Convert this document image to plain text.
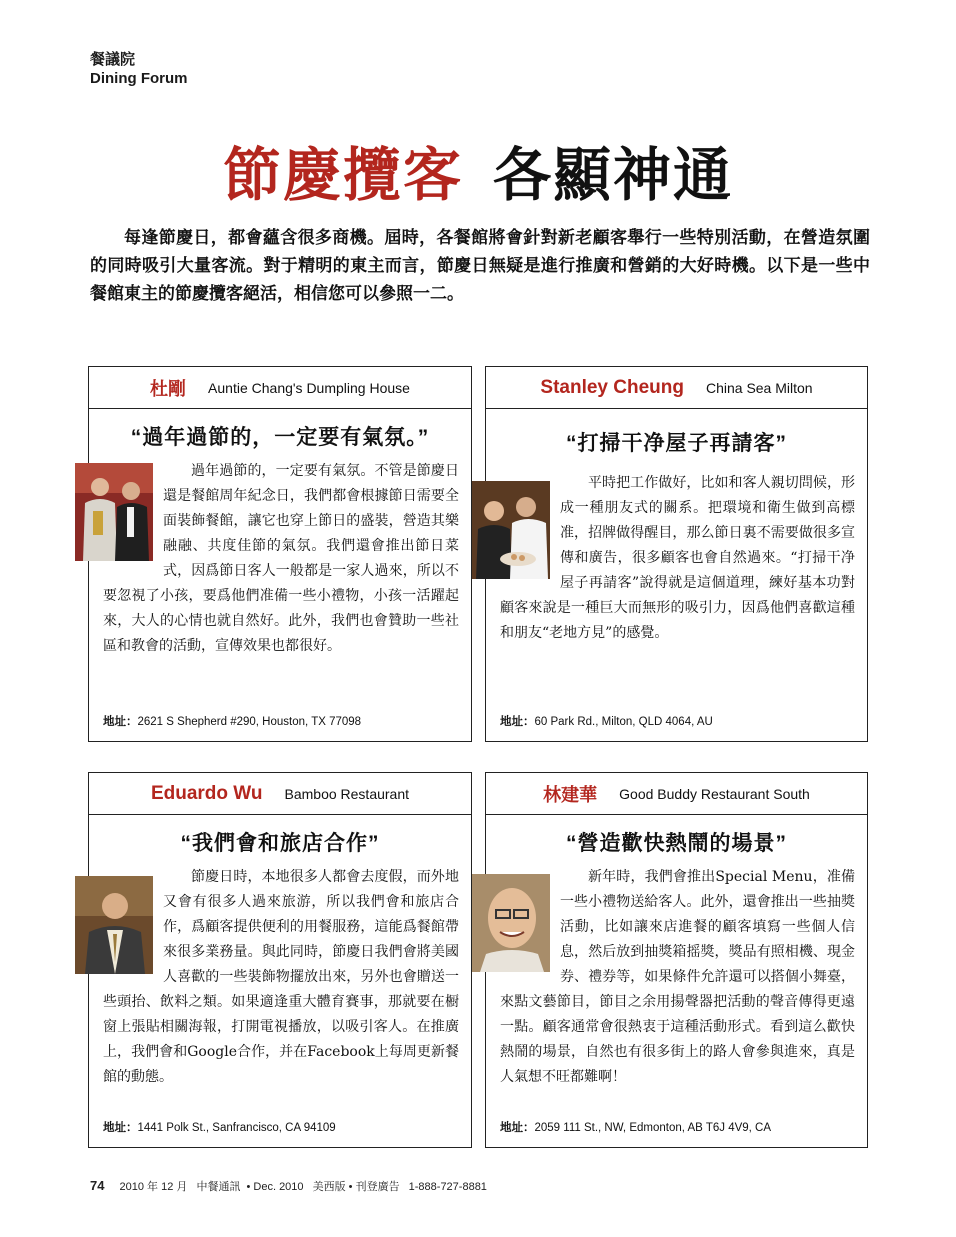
餐議院
Dining Forum
節慶攬客 各顯神通
每逢節慶日，都會蘊含很多商機。屆時，各餐館將會針對新老顧客舉行一些特別活動，在營造氛圍的同時吸引大量客流。對于精明的東主而言，節慶日無疑是進行推廣和營銷的大好時機。以下是一些中餐館東主的節慶攬客絕活，相信您可以參照一二。
杜剛 Auntie Chang's Dumpling House
“過年過節的，一定要有氣氛。”
過年過節的，一定要有氣氛。不管是節慶日還是餐館周年紀念日，我們都會根據節日需要全面裝飾餐館，讓它也穿上節日的盛裝，營造其樂融融、共度佳節的氣氛。我們還會推出節日菜式，因爲節日客人一般都是一家人過來，所以不要忽視了小孩，要爲他們准備一些小禮物，小孩一活躍起來，大人的心情也就自然好。此外，我們也會贊助一些社區和教會的活動，宣傳效果也都很好。
地址：2621 S Shepherd #290, Houston, TX 77098
Stanley Cheung China Sea Milton
“打掃干净屋子再請客”
平時把工作做好，比如和客人親切問候，形成一種朋友式的關系。把環境和衛生做到高標准，招牌做得醒目，那么節日裏不需要做很多宣傳和廣告，很多顧客也會自然過來。“打掃干净屋子再請客”說得就是這個道理，練好基本功對顧客來說是一種巨大而無形的吸引力，因爲他們喜歡這種和朋友“老地方見”的感覺。
地址：60 Park Rd., Milton, QLD 4064, AU
Eduardo Wu Bamboo Restaurant
“我們會和旅店合作”
節慶日時，本地很多人都會去度假，而外地又會有很多人過來旅游，所以我們會和旅店合作，爲顧客提供便利的用餐服務，這能爲餐館帶來很多業務量。與此同時，節慶日我們會將美國人喜歡的一些裝飾物擺放出來，另外也會贈送一些頭抬、飲料之類。如果適逢重大體育賽事，那就要在橱窗上張貼相關海報，打開電視播放，以吸引客人。在推廣上，我們會和Google合作，并在Facebook上每周更新餐館的動態。
地址：1441 Polk St., Sanfrancisco, CA 94109
林建華 Good Buddy Restaurant South
“營造歡快熱鬧的場景”
新年時，我們會推出Special Menu，准備一些小禮物送給客人。此外，還會推出一些抽獎活動，比如讓來店進餐的顧客填寫一些個人信息，然后放到抽獎箱摇獎，獎品有照相機、現金券、禮券等，如果條件允許還可以搭個小舞臺，來點文藝節目，節目之余用揚聲器把活動的聲音傳得更遠一點。顧客通常會很熱衷于這種活動形式。看到這么歡快熱鬧的場景，自然也有很多街上的路人會參與進來，真是人氣想不旺都難啊！
地址：2059 111 St., NW, Edmonton, AB T6J 4V9, CA
74 2010 年 12 月 中餐通訊 • Dec. 2010 美西版 • 刊登廣告 1-888-727-8881
